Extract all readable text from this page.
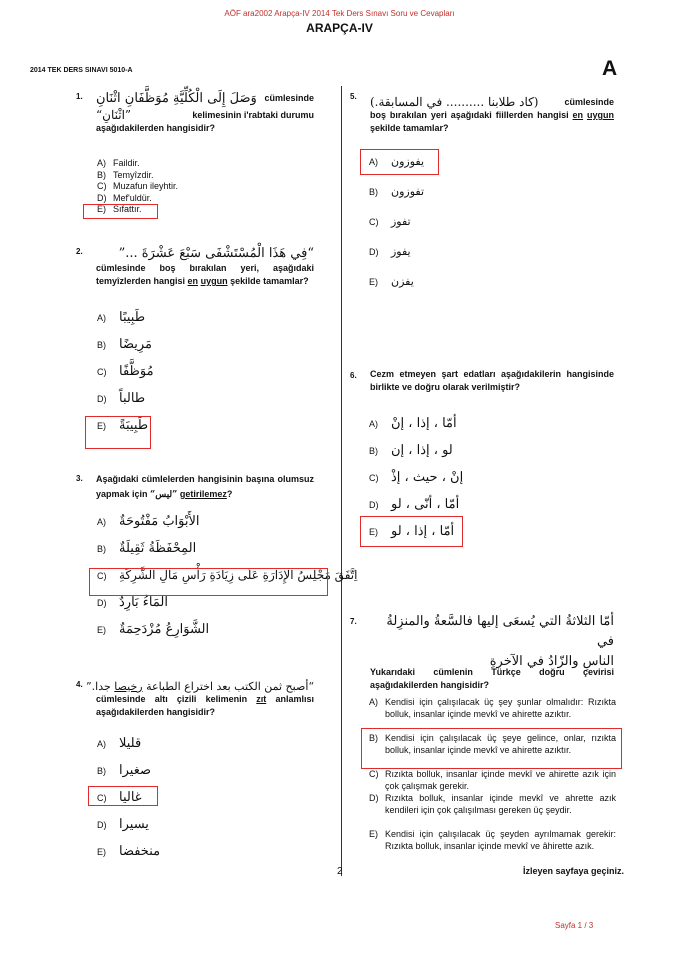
AÖF ara2002 Arapça-IV 2014 Tek Ders Sınavı Soru ve Cevapları
ARAPÇA-IV
2014 TEK DERS SINAVI 5010-A	A
1. وَصَلَ إِلَى الْكُلِّيَّةِ مُوَظَّفَانِ اثْنَانِ cümlesinde
“اثْنَانِ”	kelimesinin i'rabtaki durumu
aşağıdakilerden hangisidir?
A) Faildir.
B) Temyîzdir.
C) Muzafun ileyhtir.
D) Mef'uldür.
E) Sıfattır.
2.	“فِي هَذَا الْمُسْتَشْفَى سَبْعَ عَشْرَةَ ...”
cümlesinde boş bırakılan yeri, aşağıdaki temyîzlerden hangisi en uygun şekilde tamamlar?
A) طَبِيبًا
B) مَرِيضًا
C) مُوَظَّفًا
D) طالباً
E) طَبِيبَةً
3. Aşağıdaki cümlelerden hangisinin başına olumsuz yapmak için “ليس” getirilemez?
A) الأَبْوَابُ مَفْتُوحَةٌ
B) المِحْفَظَةُ ثَقِيلَةٌ
C) اِتَّفَقَ مَجْلِسُ الإِدَارَةِ عَلَى زِيَادَةِ رَأْسِ مَالِ الشَّرِكَةِ
D) المَاءُ بَارِدٌ
E) الشَّوَارِعُ مُزْدَحِمَةٌ
4.	“أصبح ثمن الكتب بعد اختراع الطباعة رخيصا جدا.”
cümlesinde altı çizili kelimenin zıt anlamlısı aşağıdakilerden hangisidir?
A) قليلا
B) صغيرا
C) غاليا
D) يسيرا
E) منخفضا
5. (كاد طلابنا .......... في المسابقة.)	cümlesinde
boş bırakılan yeri aşağıdaki fiillerden hangisi en uygun şekilde tamamlar?
A) يفوزون
B) تفوزون
C) تفوز
D) يفوز
E) يفزن
6. Cezm etmeyen şart edatları aşağıdakilerin hangisinde birlikte ve doğru olarak verilmiştir?
A) أمّا ، إذا ، إنْ
B) لو ، إذا ، إن
C) إنْ ، حيث ، إذْ
D) أمّا ، أنّى ، لو
E) أمّا ، إذا ، لو
7.	أمّا الثلاثةُ التي يُسعَى إليها فالسَّعةُ والمنزِلةُ في
الناسِ والزّادُ في الآخرةِ
Yukarıdaki cümlenin Türkçe doğru çevirisi aşağıdakilerden hangisidir?
A) Kendisi için çalışılacak üç şey şunlar olmalıdır: Rızıkta bolluk, insanlar içinde mevkî ve ahirette azıktır.
B) Kendisi için çalışılacak üç şeye gelince, onlar, rızıkta bolluk, insanlar içinde mevkî ve ahirette azıktır.
C) Rızıkta bolluk, insanlar içinde mevkî ve ahirette azık için çok çalışmak gerekir.
D) Rızıkta bolluk, insanlar içinde mevkî ve ahrette azık kendileri için çok çalışılması gereken üç şeydir.
E) Kendisi için çalışılacak üç şeyden ayrılmamak gerekir: Rızıkta bolluk, insanlar içinde mevkî ve âhirette azık.
2	İzleyen sayfaya geçiniz.
Sayfa 1 / 3
